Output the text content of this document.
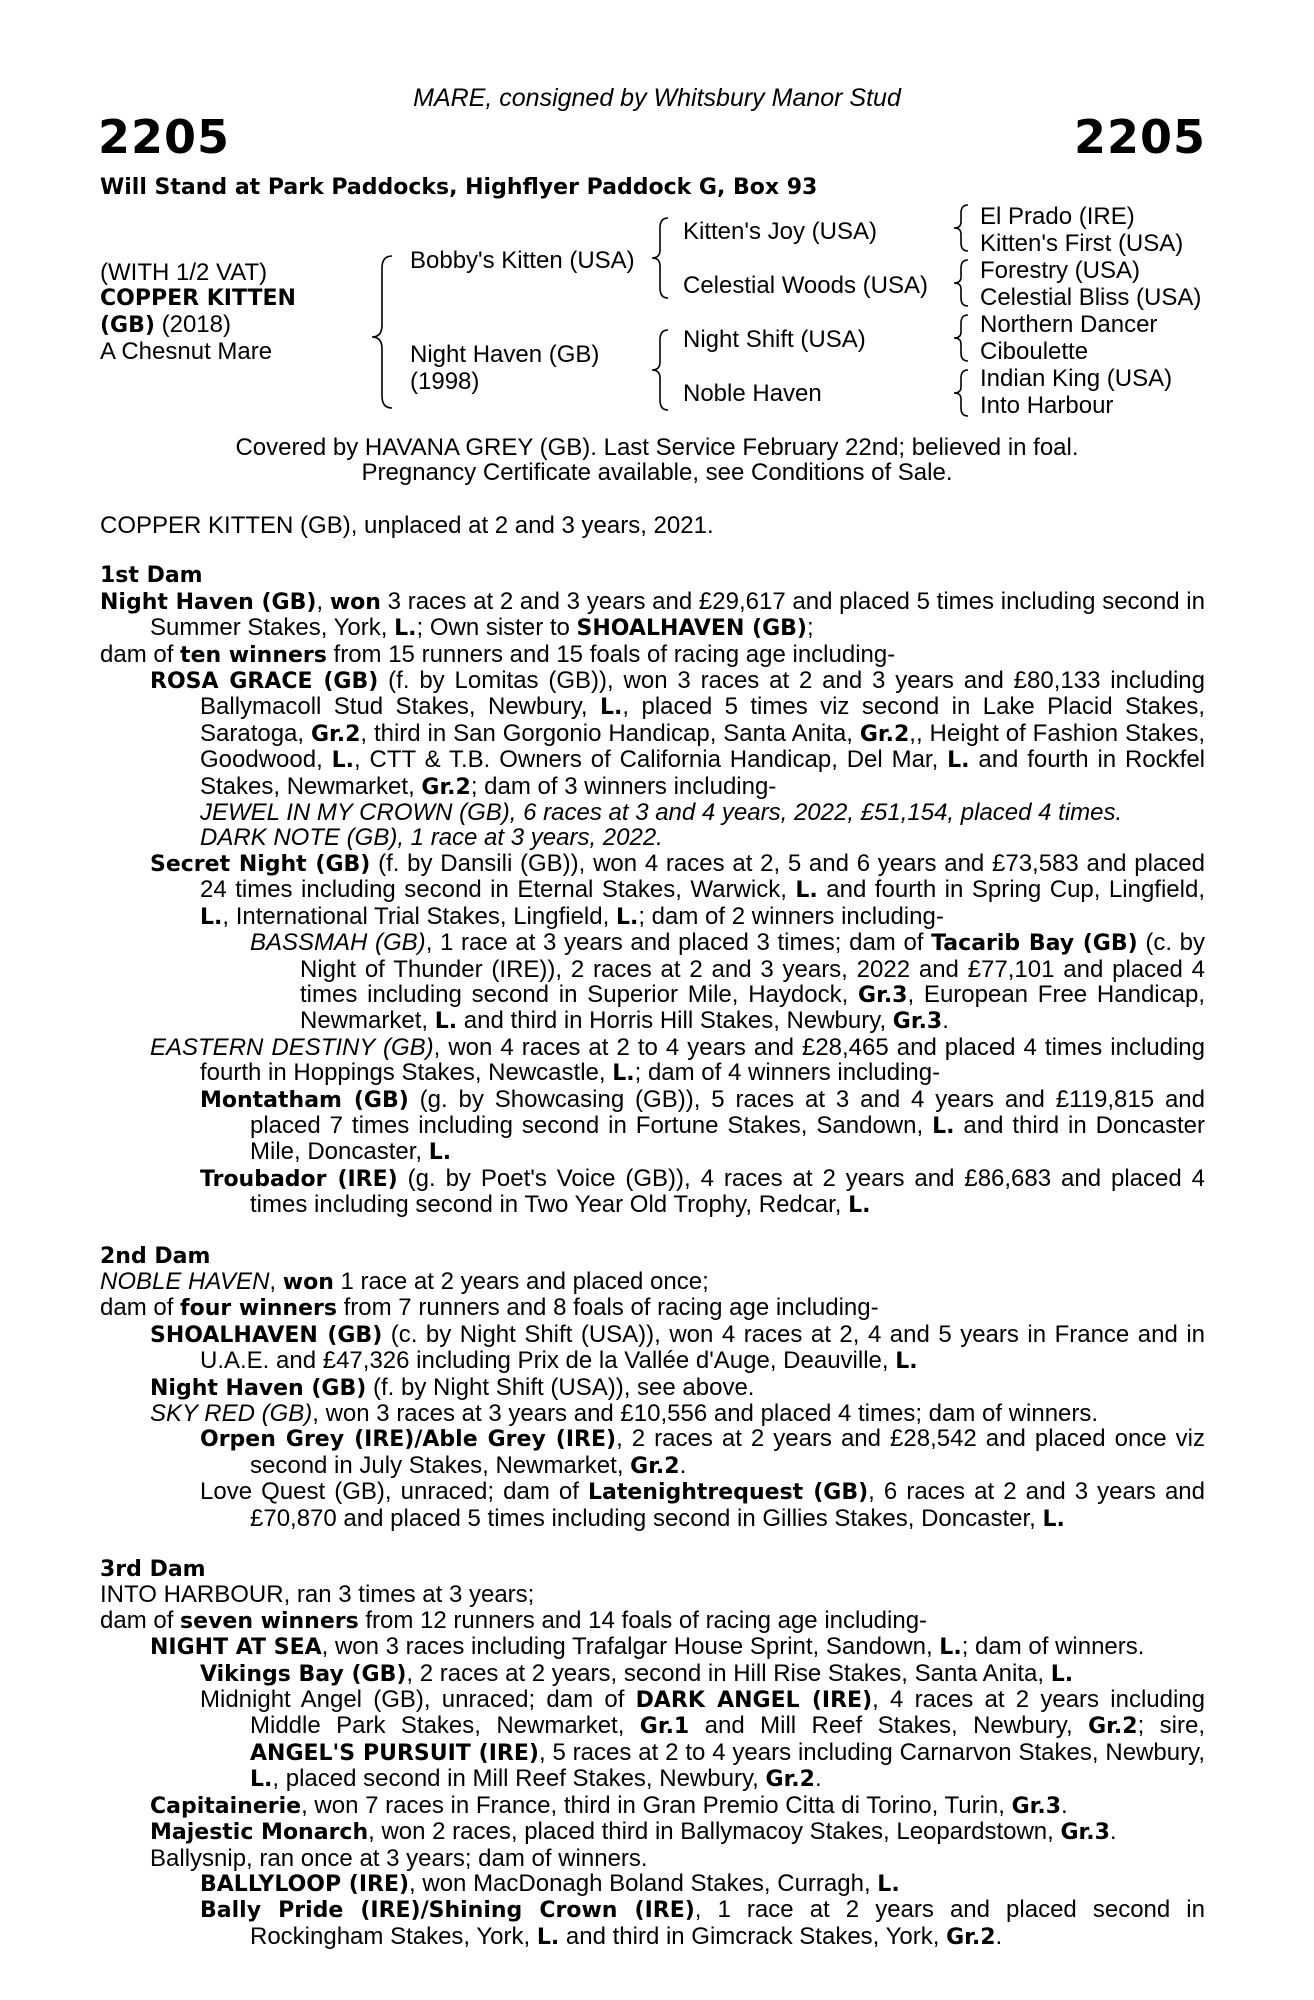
MARE, consigned by Whitsbury Manor Stud
2205	2205
Will Stand at Park Paddocks, Highflyer Paddock G, Box 93
(WITH 1/2 VAT)
COPPER KITTEN
(GB) (2018)
A Chesnut Mare
Bobby's Kitten (USA)
Night Haven (GB)
(1998)
Kitten's Joy (USA)
Celestial Woods (USA)
Night Shift (USA)
Noble Haven
El Prado (IRE)
Kitten's First (USA)
Forestry (USA)
Celestial Bliss (USA)
Northern Dancer
Ciboulette
Indian King (USA)
Into Harbour
Covered by HAVANA GREY (GB). Last Service February 22nd; believed in foal.
Pregnancy Certificate available, see Conditions of Sale.
COPPER KITTEN (GB), unplaced at 2 and 3 years, 2021.
1st Dam
Night Haven (GB), won 3 races at 2 and 3 years and £29,617 and placed 5 times including second in Summer Stakes, York, L.; Own sister to SHOALHAVEN (GB);
dam of ten winners from 15 runners and 15 foals of racing age including-
ROSA GRACE (GB) (f. by Lomitas (GB)), won 3 races at 2 and 3 years and £80,133 including Ballymacoll Stud Stakes, Newbury, L., placed 5 times viz second in Lake Placid Stakes, Saratoga, Gr.2, third in San Gorgonio Handicap, Santa Anita, Gr.2,, Height of Fashion Stakes, Goodwood, L., CTT & T.B. Owners of California Handicap, Del Mar, L. and fourth in Rockfel Stakes, Newmarket, Gr.2; dam of 3 winners including-
JEWEL IN MY CROWN (GB), 6 races at 3 and 4 years, 2022, £51,154, placed 4 times.
DARK NOTE (GB), 1 race at 3 years, 2022.
Secret Night (GB) (f. by Dansili (GB)), won 4 races at 2, 5 and 6 years and £73,583 and placed 24 times including second in Eternal Stakes, Warwick, L. and fourth in Spring Cup, Lingfield, L., International Trial Stakes, Lingfield, L.; dam of 2 winners including-
BASSMAH (GB), 1 race at 3 years and placed 3 times; dam of Tacarib Bay (GB) (c. by Night of Thunder (IRE)), 2 races at 2 and 3 years, 2022 and £77,101 and placed 4 times including second in Superior Mile, Haydock, Gr.3, European Free Handicap, Newmarket, L. and third in Horris Hill Stakes, Newbury, Gr.3.
EASTERN DESTINY (GB), won 4 races at 2 to 4 years and £28,465 and placed 4 times including fourth in Hoppings Stakes, Newcastle, L.; dam of 4 winners including-
Montatham (GB) (g. by Showcasing (GB)), 5 races at 3 and 4 years and £119,815 and placed 7 times including second in Fortune Stakes, Sandown, L. and third in Doncaster Mile, Doncaster, L.
Troubador (IRE) (g. by Poet's Voice (GB)), 4 races at 2 years and £86,683 and placed 4 times including second in Two Year Old Trophy, Redcar, L.
2nd Dam
NOBLE HAVEN, won 1 race at 2 years and placed once;
dam of four winners from 7 runners and 8 foals of racing age including-
SHOALHAVEN (GB) (c. by Night Shift (USA)), won 4 races at 2, 4 and 5 years in France and in U.A.E. and £47,326 including Prix de la Vallée d'Auge, Deauville, L.
Night Haven (GB) (f. by Night Shift (USA)), see above.
SKY RED (GB), won 3 races at 3 years and £10,556 and placed 4 times; dam of winners.
Orpen Grey (IRE)/Able Grey (IRE), 2 races at 2 years and £28,542 and placed once viz second in July Stakes, Newmarket, Gr.2.
Love Quest (GB), unraced; dam of Latenightrequest (GB), 6 races at 2 and 3 years and £70,870 and placed 5 times including second in Gillies Stakes, Doncaster, L.
3rd Dam
INTO HARBOUR, ran 3 times at 3 years;
dam of seven winners from 12 runners and 14 foals of racing age including-
NIGHT AT SEA, won 3 races including Trafalgar House Sprint, Sandown, L.; dam of winners.
Vikings Bay (GB), 2 races at 2 years, second in Hill Rise Stakes, Santa Anita, L.
Midnight Angel (GB), unraced; dam of DARK ANGEL (IRE), 4 races at 2 years including Middle Park Stakes, Newmarket, Gr.1 and Mill Reef Stakes, Newbury, Gr.2; sire, ANGEL'S PURSUIT (IRE), 5 races at 2 to 4 years including Carnarvon Stakes, Newbury, L., placed second in Mill Reef Stakes, Newbury, Gr.2.
Capitainerie, won 7 races in France, third in Gran Premio Citta di Torino, Turin, Gr.3.
Majestic Monarch, won 2 races, placed third in Ballymacoy Stakes, Leopardstown, Gr.3.
Ballysnip, ran once at 3 years; dam of winners.
BALLYLOOP (IRE), won MacDonagh Boland Stakes, Curragh, L.
Bally Pride (IRE)/Shining Crown (IRE), 1 race at 2 years and placed second in Rockingham Stakes, York, L. and third in Gimcrack Stakes, York, Gr.2.
